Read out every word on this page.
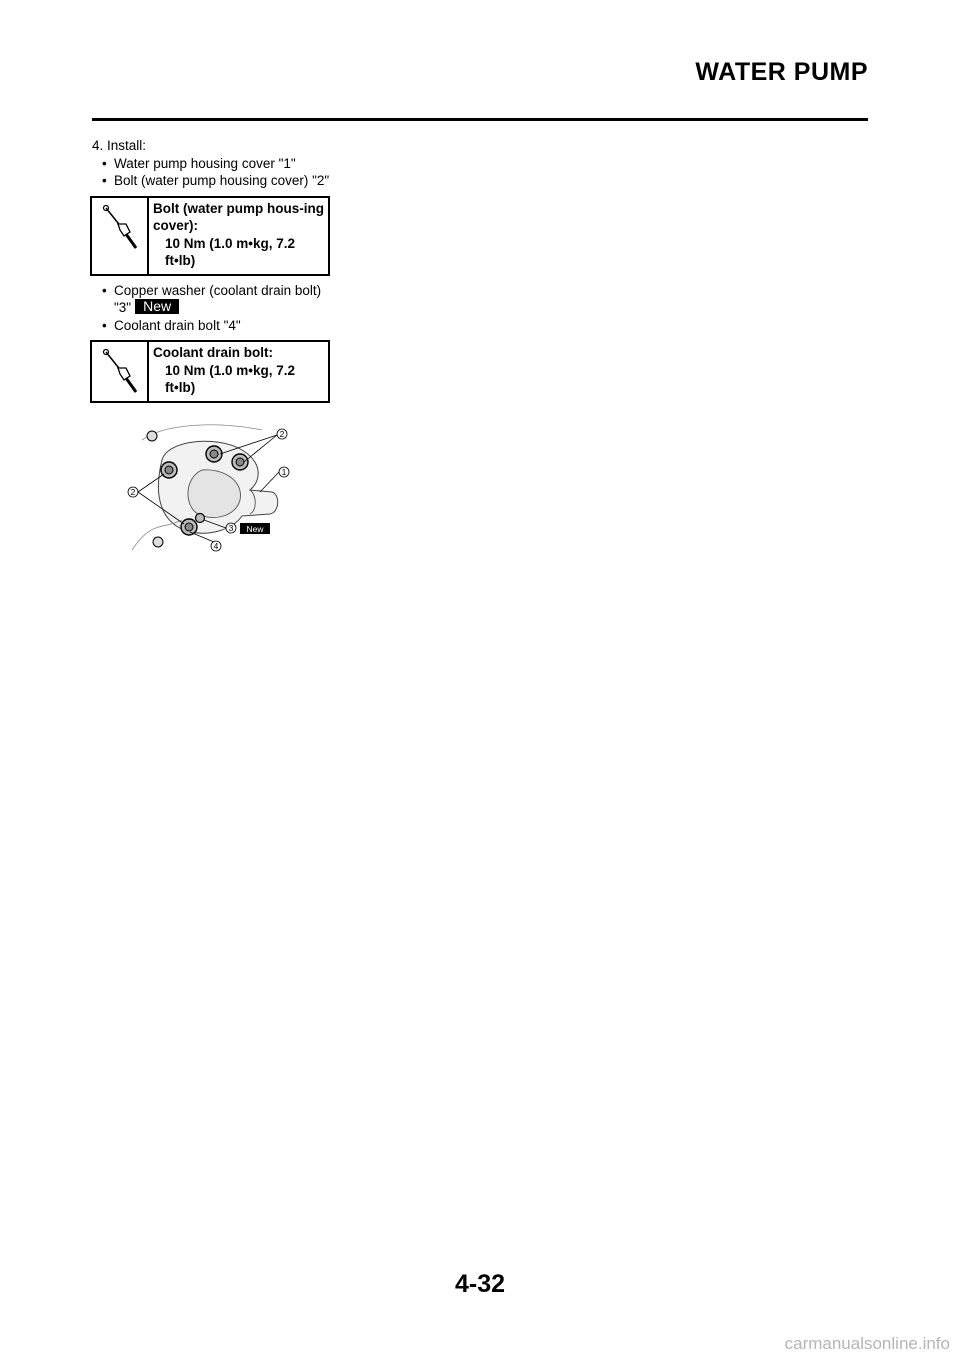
WATER PUMP

4. Install:

• Water pump housing cover "1"

• Bolt (water pump housing cover) "2"

Bolt (water pump hous-ing cover):
10 Nm (1.0 m•kg, 7.2 ft•lb)

• Copper washer (coolant drain bolt) "3" New

• Coolant drain bolt "4"

Coolant drain bolt:
10 Nm (1.0 m•kg, 7.2 ft•lb)
2
1
2
3
4
New
4-32
carmanualsonline.info
